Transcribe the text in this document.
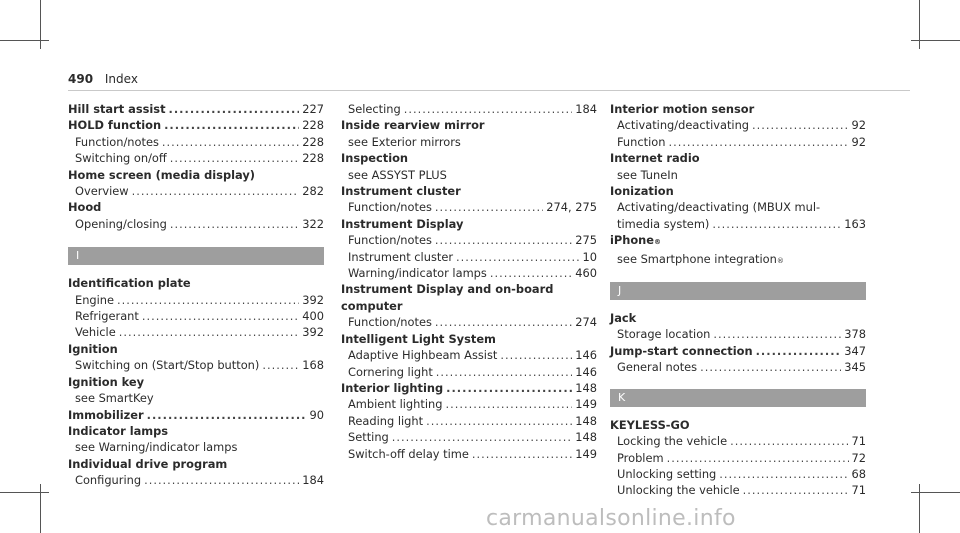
490 Index
Hill start assist .....	227
HOLD function .....	228
Function/notes .....	228
Switching on/off .....	228
Home screen (media display)
Overview .....	282
Hood
Opening/closing .....	322
I
Identification plate
Engine .....	392
Refrigerant .....	400
Vehicle .....	392
Ignition
Switching on (Start/Stop button) .....	168
Ignition key
see SmartKey
Immobilizer .....	90
Indicator lamps
see Warning/indicator lamps
Individual drive program
Configuring .....	184
Selecting .....	184
Inside rearview mirror
see Exterior mirrors
Inspection
see ASSYST PLUS
Instrument cluster
Function/notes .....	274, 275
Instrument Display
Function/notes .....	275
Instrument cluster .....	10
Warning/indicator lamps .....	460
Instrument Display and on-board
computer
Function/notes .....	274
Intelligent Light System
Adaptive Highbeam Assist .....	146
Cornering light .....	146
Interior lighting .....	148
Ambient lighting .....	149
Reading light .....	148
Setting .....	148
Switch-off delay time .....	149
Interior motion sensor
Activating/deactivating .....	92
Function .....	92
Internet radio
see TuneIn
Ionization
Activating/deactivating (MBUX mul-
timedia system) .....	163
iPhone ®
see Smartphone integration ®
J
Jack
Storage location .....	378
Jump-start connection .....	347
General notes .....	345
K
KEYLESS-GO
Locking the vehicle .....	71
Problem .....	72
Unlocking setting .....	68
Unlocking the vehicle .....	71
carmanualsonline.info
